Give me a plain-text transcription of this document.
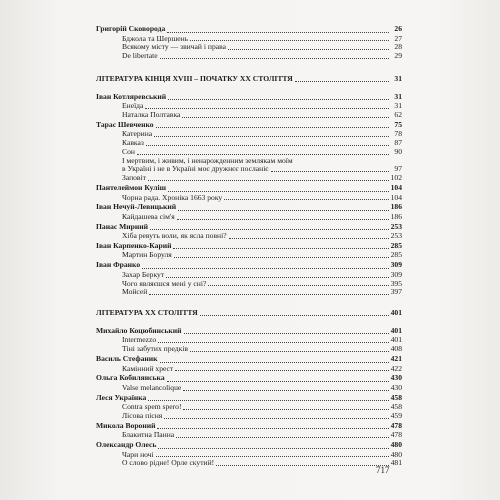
Григорій Сковорода	26
Бджола та Шершень	27
Всякому місту — звичай і права	28
De libertate	29
ЛІТЕРАТУРА КІНЦЯ XVIII – ПОЧАТКУ XX СТОЛІТТЯ	31
Іван Котляревський	31
Енеїда	31
Наталка Полтавка	62
Тарас Шевченко	75
Катерина	78
Кавказ	87
Сон	90
І мертвим, і живим, і ненарожденним землякам моїм
в Україні і не в Україні моє дружнєє посланіє	97
Заповіт	102
Пантелеймон Куліш	104
Чорна рада. Хроніка 1663 року	104
Іван Нечуй-Левицький	186
Кайдашева сім'я	186
Панас Мирний	253
Хіба ревуть воли, як ясла повні?	253
Іван Карпенко-Карий	285
Мартин Боруля	285
Іван Франко	309
Захар Беркут	309
Чого являєшся мені у сні?	395
Мойсей	397
ЛІТЕРАТУРА XX СТОЛІТТЯ	401
Михайло Коцюбинський	401
Intermezzo	401
Тіні забутих предків	408
Василь Стефаник	421
Камінний хрест	422
Ольга Кобилянська	430
Valse melancolique	430
Леся Українка	458
Contra spem spero!	458
Лісова пісня	459
Микола Вороний	478
Блакитна Панна	478
Олександр Олесь	480
Чари ночі	480
О слово рідне! Орле скутий!	481
717
